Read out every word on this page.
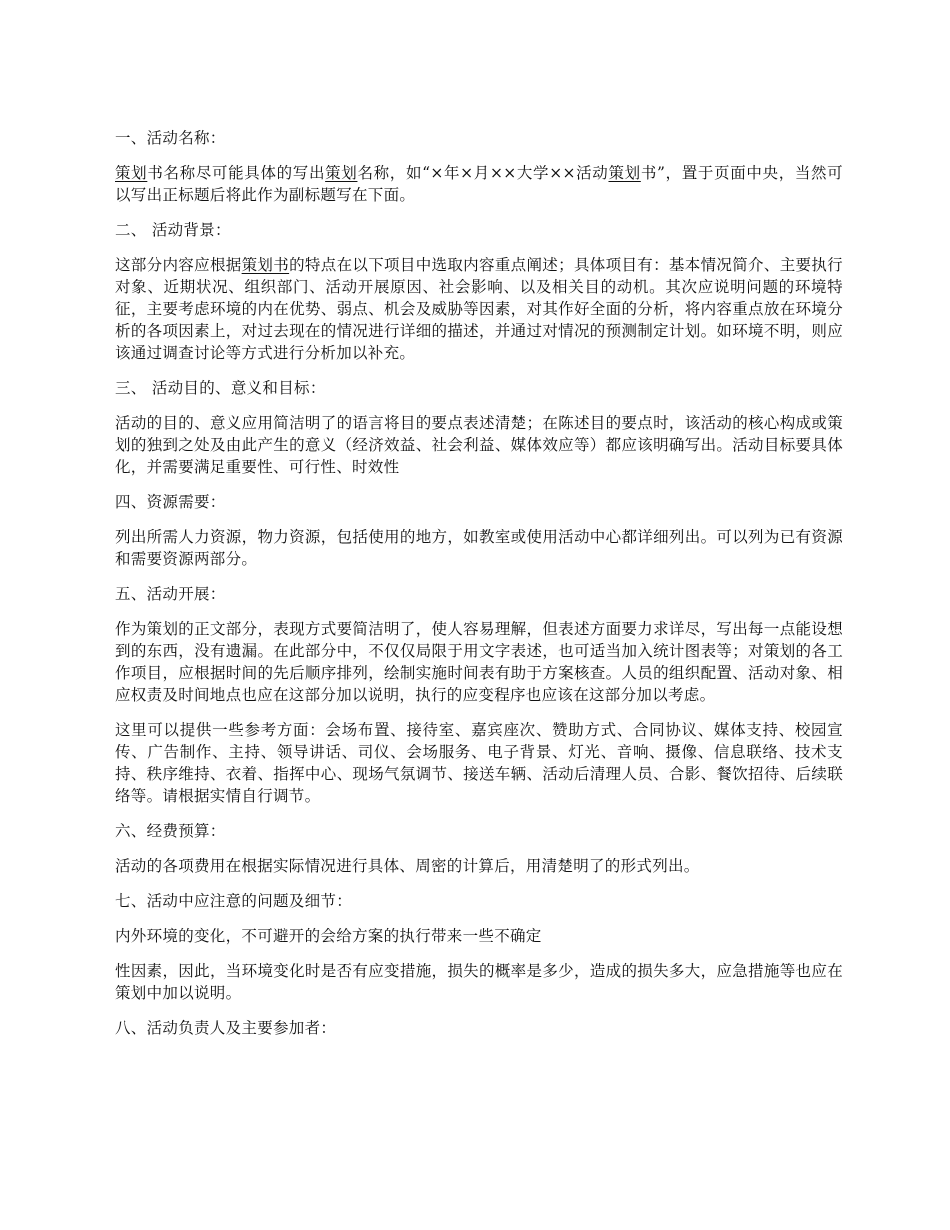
一、活动名称：

策划书名称尽可能具体的写出策划名称，如“×年×月××大学××活动策划书”，置于页面中央，当然可以写出正标题后将此作为副标题写在下面。

二、 活动背景：

这部分内容应根据策划书的特点在以下项目中选取内容重点阐述；具体项目有：基本情况简介、主要执行对象、近期状况、组织部门、活动开展原因、社会影响、以及相关目的动机。其次应说明问题的环境特征，主要考虑环境的内在优势、弱点、机会及威胁等因素，对其作好全面的分析，将内容重点放在环境分析的各项因素上，对过去现在的情况进行详细的描述，并通过对情况的预测制定计划。如环境不明，则应该通过调查讨论等方式进行分析加以补充。

三、 活动目的、意义和目标：

活动的目的、意义应用简洁明了的语言将目的要点表述清楚；在陈述目的要点时，该活动的核心构成或策划的独到之处及由此产生的意义（经济效益、社会利益、媒体效应等）都应该明确写出。活动目标要具体化，并需要满足重要性、可行性、时效性

四、资源需要：

列出所需人力资源，物力资源，包括使用的地方，如教室或使用活动中心都详细列出。可以列为已有资源和需要资源两部分。

五、活动开展：

作为策划的正文部分，表现方式要简洁明了，使人容易理解，但表述方面要力求详尽，写出每一点能设想到的东西，没有遗漏。在此部分中，不仅仅局限于用文字表述，也可适当加入统计图表等；对策划的各工作项目，应根据时间的先后顺序排列，绘制实施时间表有助于方案核查。人员的组织配置、活动对象、相应权责及时间地点也应在这部分加以说明，执行的应变程序也应该在这部分加以考虑。

这里可以提供一些参考方面：会场布置、接待室、嘉宾座次、赞助方式、合同协议、媒体支持、校园宣传、广告制作、主持、领导讲话、司仪、会场服务、电子背景、灯光、音响、摄像、信息联络、技术支持、秩序维持、衣着、指挥中心、现场气氛调节、接送车辆、活动后清理人员、合影、餐饮招待、后续联络等。请根据实情自行调节。

六、经费预算：

活动的各项费用在根据实际情况进行具体、周密的计算后，用清楚明了的形式列出。

七、活动中应注意的问题及细节：

内外环境的变化，不可避开的会给方案的执行带来一些不确定

性因素，因此，当环境变化时是否有应变措施，损失的概率是多少，造成的损失多大，应急措施等也应在策划中加以说明。

八、活动负责人及主要参加者：
